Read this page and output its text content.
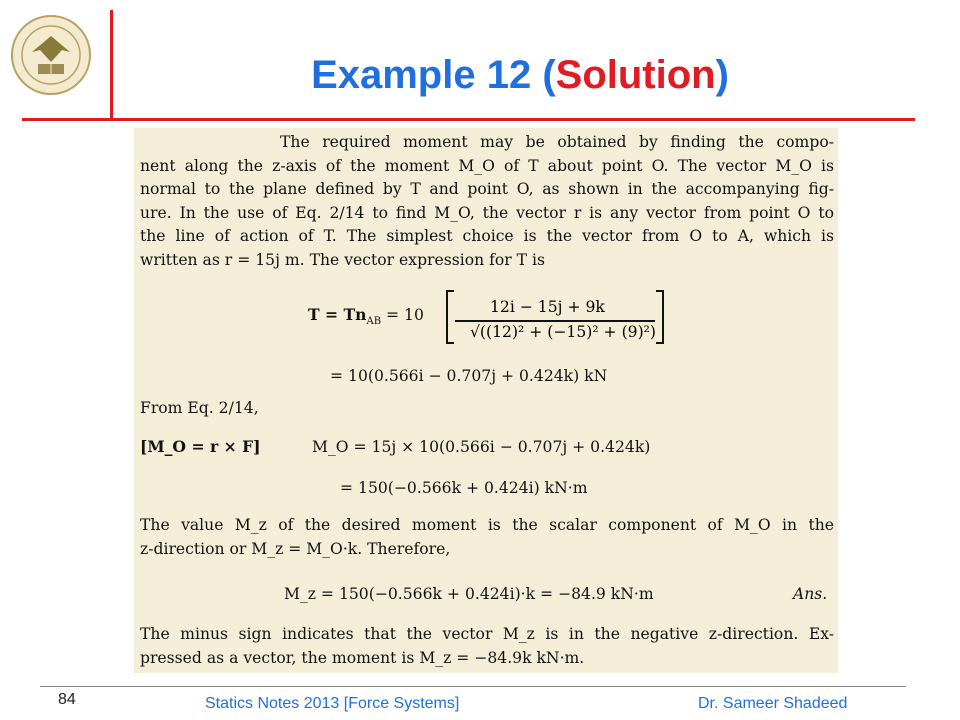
Example 12 (Solution)
The required moment may be obtained by finding the compo-
nent along the z-axis of the moment M_O of T about point O. The vector M_O is
normal to the plane defined by T and point O, as shown in the accompanying fig-
ure. In the use of Eq. 2/14 to find M_O, the vector r is any vector from point O to
the line of action of T. The simplest choice is the vector from O to A, which is
written as r = 15j m. The vector expression for T is
$T = Tn_{AB} = 10$	12i − 15j + 9k
√((12)² + (−15)² + (9)²)
= 10(0.566i − 0.707j + 0.424k) kN
From Eq. 2/14,
[M_O = r × F]	M_O = 15j × 10(0.566i − 0.707j + 0.424k)
= 150(−0.566k + 0.424i) kN·m
The value M_z of the desired moment is the scalar component of M_O in the
z-direction or M_z = M_O·k. Therefore,
M_z = 150(−0.566k + 0.424i)·k = −84.9 kN·m	Ans.
The minus sign indicates that the vector M_z is in the negative z-direction. Ex-
pressed as a vector, the moment is M_z = −84.9k kN·m.
84	Statics Notes 2013 [Force Systems]	Dr. Sameer Shadeed
